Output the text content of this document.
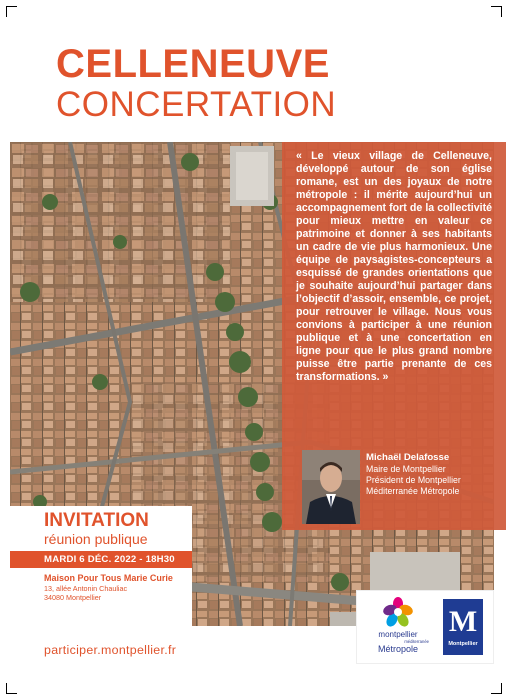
CELLENEUVE
CONCERTATION
« Le vieux village de Celleneuve, développé autour de son église romane, est un des joyaux de notre métropole : il mérite aujourd’hui un accompagnement fort de la collectivité pour mieux mettre en valeur ce patrimoine et donner à ses habitants un cadre de vie plus harmonieux. Une équipe de paysagistes-concepteurs a esquissé de grandes orientations que je souhaite aujourd’hui partager dans l’objectif d’assoir, ensemble, ce projet, pour retrouver le village. Nous vous convions à participer à une réunion publique et à une concertation en ligne pour que le plus grand nombre puisse être partie prenante de ces transformations. »
Michaël Delafosse
Maire de Montpellier
Président de Montpellier
Méditerranée Métropole
INVITATION
réunion publique
MARDI 6 DÉC. 2022 - 18H30
Maison Pour Tous Marie Curie
13, allée Antonin Chauliac
34080 Montpellier
participer.montpellier.fr
montpellier
méditerranée
Métropole
M
Montpellier
